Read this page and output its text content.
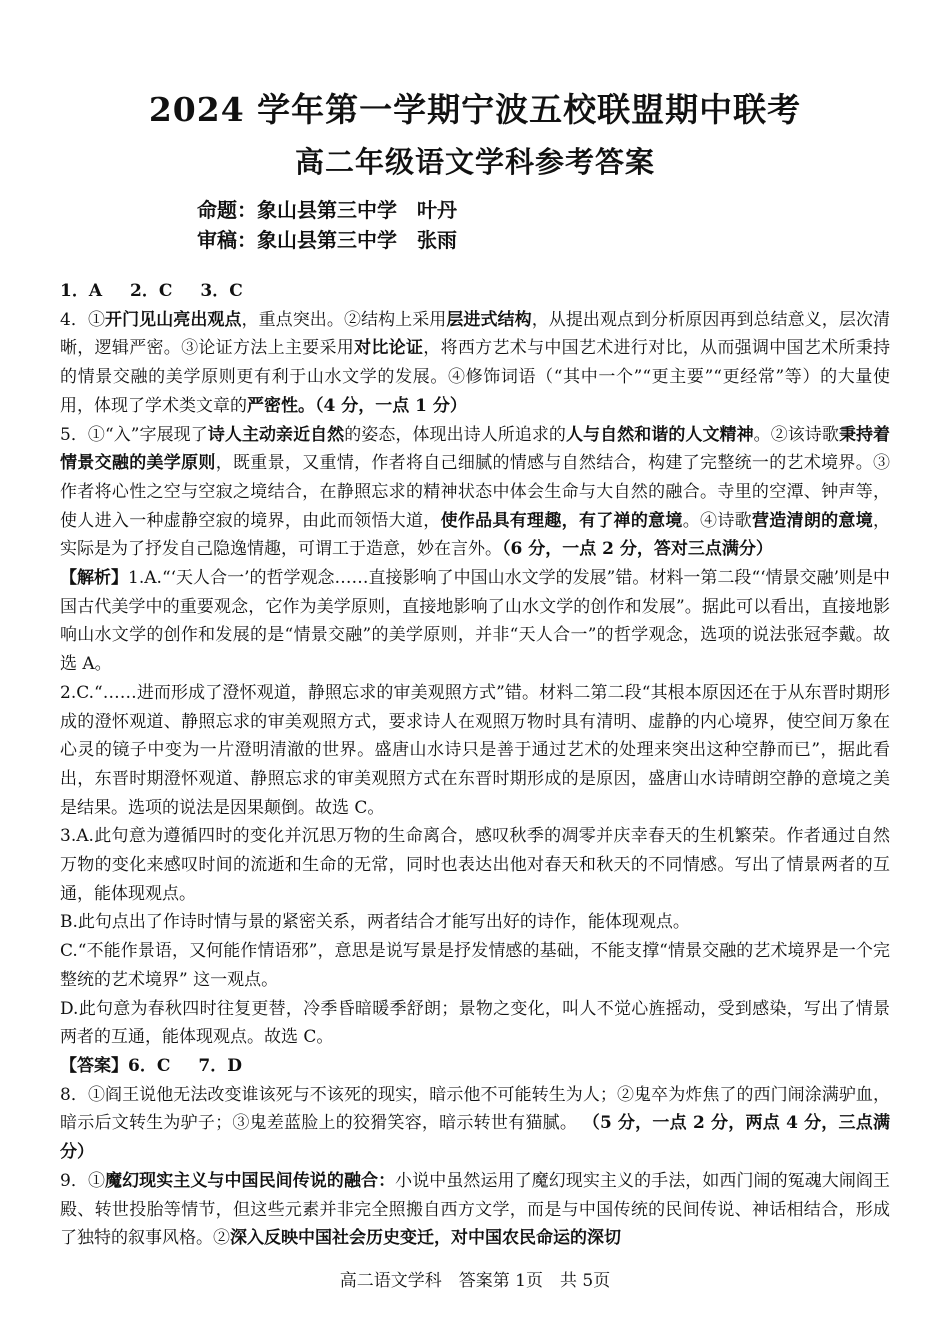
2024 学年第一学期宁波五校联盟期中联考
高二年级语文学科参考答案
命题：象山县第三中学 叶丹
审稿：象山县第三中学 张雨

1．A 2．C 3．C

4．①开门见山亮出观点，重点突出。②结构上采用层进式结构，从提出观点到分析原因再到总结意义，层次清晰，逻辑严密。③论证方法上主要采用对比论证，将西方艺术与中国艺术进行对比，从而强调中国艺术所秉持的情景交融的美学原则更有利于山水文学的发展。④修饰词语（“其中一个”“更主要”“更经常”等）的大量使用，体现了学术类文章的严密性。（4 分，一点 1 分）

5．①“入”字展现了诗人主动亲近自然的姿态，体现出诗人所追求的人与自然和谐的人文精神。②该诗歌秉持着情景交融的美学原则，既重景，又重情，作者将自己细腻的情感与自然结合，构建了完整统一的艺术境界。③作者将心性之空与空寂之境结合，在静照忘求的精神状态中体会生命与大自然的融合。寺里的空潭、钟声等，使人进入一种虚静空寂的境界，由此而领悟大道，使作品具有理趣，有了禅的意境。④诗歌营造清朗的意境，实际是为了抒发自己隐逸情趣，可谓工于造意，妙在言外。（6 分，一点 2 分，答对三点满分）

【解析】1.A.“‘天人合一’的哲学观念……直接影响了中国山水文学的发展”错。材料一第二段“‘情景交融’则是中国古代美学中的重要观念，它作为美学原则，直接地影响了山水文学的创作和发展”。据此可以看出，直接地影响山水文学的创作和发展的是“情景交融”的美学原则，并非“天人合一”的哲学观念，选项的说法张冠李戴。故选 A。

2.C.“……进而形成了澄怀观道，静照忘求的审美观照方式”错。材料二第二段“其根本原因还在于从东晋时期形成的澄怀观道、静照忘求的审美观照方式，要求诗人在观照万物时具有清明、虚静的内心境界，使空间万象在心灵的镜子中变为一片澄明清澈的世界。盛唐山水诗只是善于通过艺术的处理来突出这种空静而已”，据此看出，东晋时期澄怀观道、静照忘求的审美观照方式在东晋时期形成的是原因，盛唐山水诗晴朗空静的意境之美是结果。选项的说法是因果颠倒。故选 C。

3.A.此句意为遵循四时的变化并沉思万物的生命离合，感叹秋季的凋零并庆幸春天的生机繁荣。作者通过自然万物的变化来感叹时间的流逝和生命的无常，同时也表达出他对春天和秋天的不同情感。写出了情景两者的互通，能体现观点。

B.此句点出了作诗时情与景的紧密关系，两者结合才能写出好的诗作，能体现观点。

C.“不能作景语，又何能作情语邪”，意思是说写景是抒发情感的基础，不能支撑“情景交融的艺术境界是一个完整统的艺术境界” 这一观点。

D.此句意为春秋四时往复更替，冷季昏暗暖季舒朗；景物之变化，叫人不觉心旌摇动，受到感染，写出了情景两者的互通，能体现观点。故选 C。

【答案】6．C 7．D

8．①阎王说他无法改变谁该死与不该死的现实，暗示他不可能转生为人；②鬼卒为炸焦了的西门闹涂满驴血，暗示后文转生为驴子；③鬼差蓝脸上的狡猾笑容，暗示转世有猫腻。 （5 分，一点 2 分，两点 4 分，三点满分）

9．①魔幻现实主义与中国民间传说的融合：小说中虽然运用了魔幻现实主义的手法，如西门闹的冤魂大闹阎王殿、转世投胎等情节，但这些元素并非完全照搬自西方文学，而是与中国传统的民间传说、神话相结合，形成了独特的叙事风格。②深入反映中国社会历史变迁，对中国农民命运的深切

高二语文学科　答案第 1页　共 5页
